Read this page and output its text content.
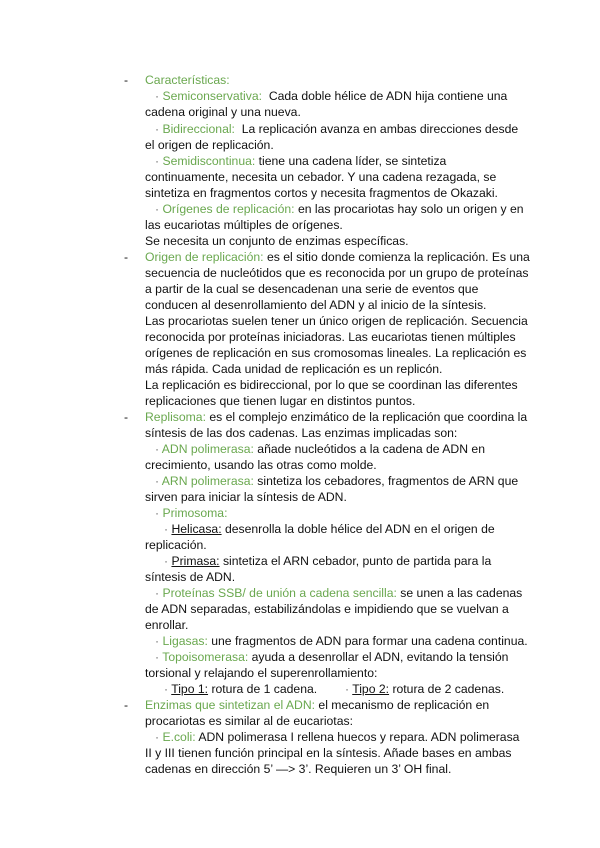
- Características:
· Semiconservativa: Cada doble hélice de ADN hija contiene una
cadena original y una nueva.
· Bidireccional: La replicación avanza en ambas direcciones desde
el origen de replicación.
· Semidiscontinua: tiene una cadena líder, se sintetiza
continuamente, necesita un cebador. Y una cadena rezagada, se
sintetiza en fragmentos cortos y necesita fragmentos de Okazaki.
· Orígenes de replicación: en las procariotas hay solo un origen y en
las eucariotas múltiples de orígenes.
Se necesita un conjunto de enzimas específicas.
- Origen de replicación: es el sitio donde comienza la replicación. Es una
secuencia de nucleótidos que es reconocida por un grupo de proteínas
a partir de la cual se desencadenan una serie de eventos que
conducen al desenrollamiento del ADN y al inicio de la síntesis.
Las procariotas suelen tener un único origen de replicación. Secuencia
reconocida por proteínas iniciadoras. Las eucariotas tienen múltiples
orígenes de replicación en sus cromosomas lineales. La replicación es
más rápida. Cada unidad de replicación es un replicón.
La replicación es bidireccional, por lo que se coordinan las diferentes
replicaciones que tienen lugar en distintos puntos.
- Replisoma: es el complejo enzimático de la replicación que coordina la
síntesis de las dos cadenas. Las enzimas implicadas son:
· ADN polimerasa: añade nucleótidos a la cadena de ADN en
crecimiento, usando las otras como molde.
· ARN polimerasa: sintetiza los cebadores, fragmentos de ARN que
sirven para iniciar la síntesis de ADN.
· Primosoma:
· Helicasa: desenrolla la doble hélice del ADN en el origen de
replicación.
· Primasa: sintetiza el ARN cebador, punto de partida para la
síntesis de ADN.
· Proteínas SSB/ de unión a cadena sencilla: se unen a las cadenas
de ADN separadas, estabilizándolas e impidiendo que se vuelvan a
enrollar.
· Ligasas: une fragmentos de ADN para formar una cadena continua.
· Topoisomerasa: ayuda a desenrollar el ADN, evitando la tensión
torsional y relajando el superenrollamiento:
· Tipo 1: rotura de 1 cadena. · Tipo 2: rotura de 2 cadenas.
- Enzimas que sintetizan el ADN: el mecanismo de replicación en
procariotas es similar al de eucariotas:
· E.coli: ADN polimerasa I rellena huecos y repara. ADN polimerasa
II y III tienen función principal en la síntesis. Añade bases en ambas
cadenas en dirección 5’ —> 3’. Requieren un 3’ OH final.
